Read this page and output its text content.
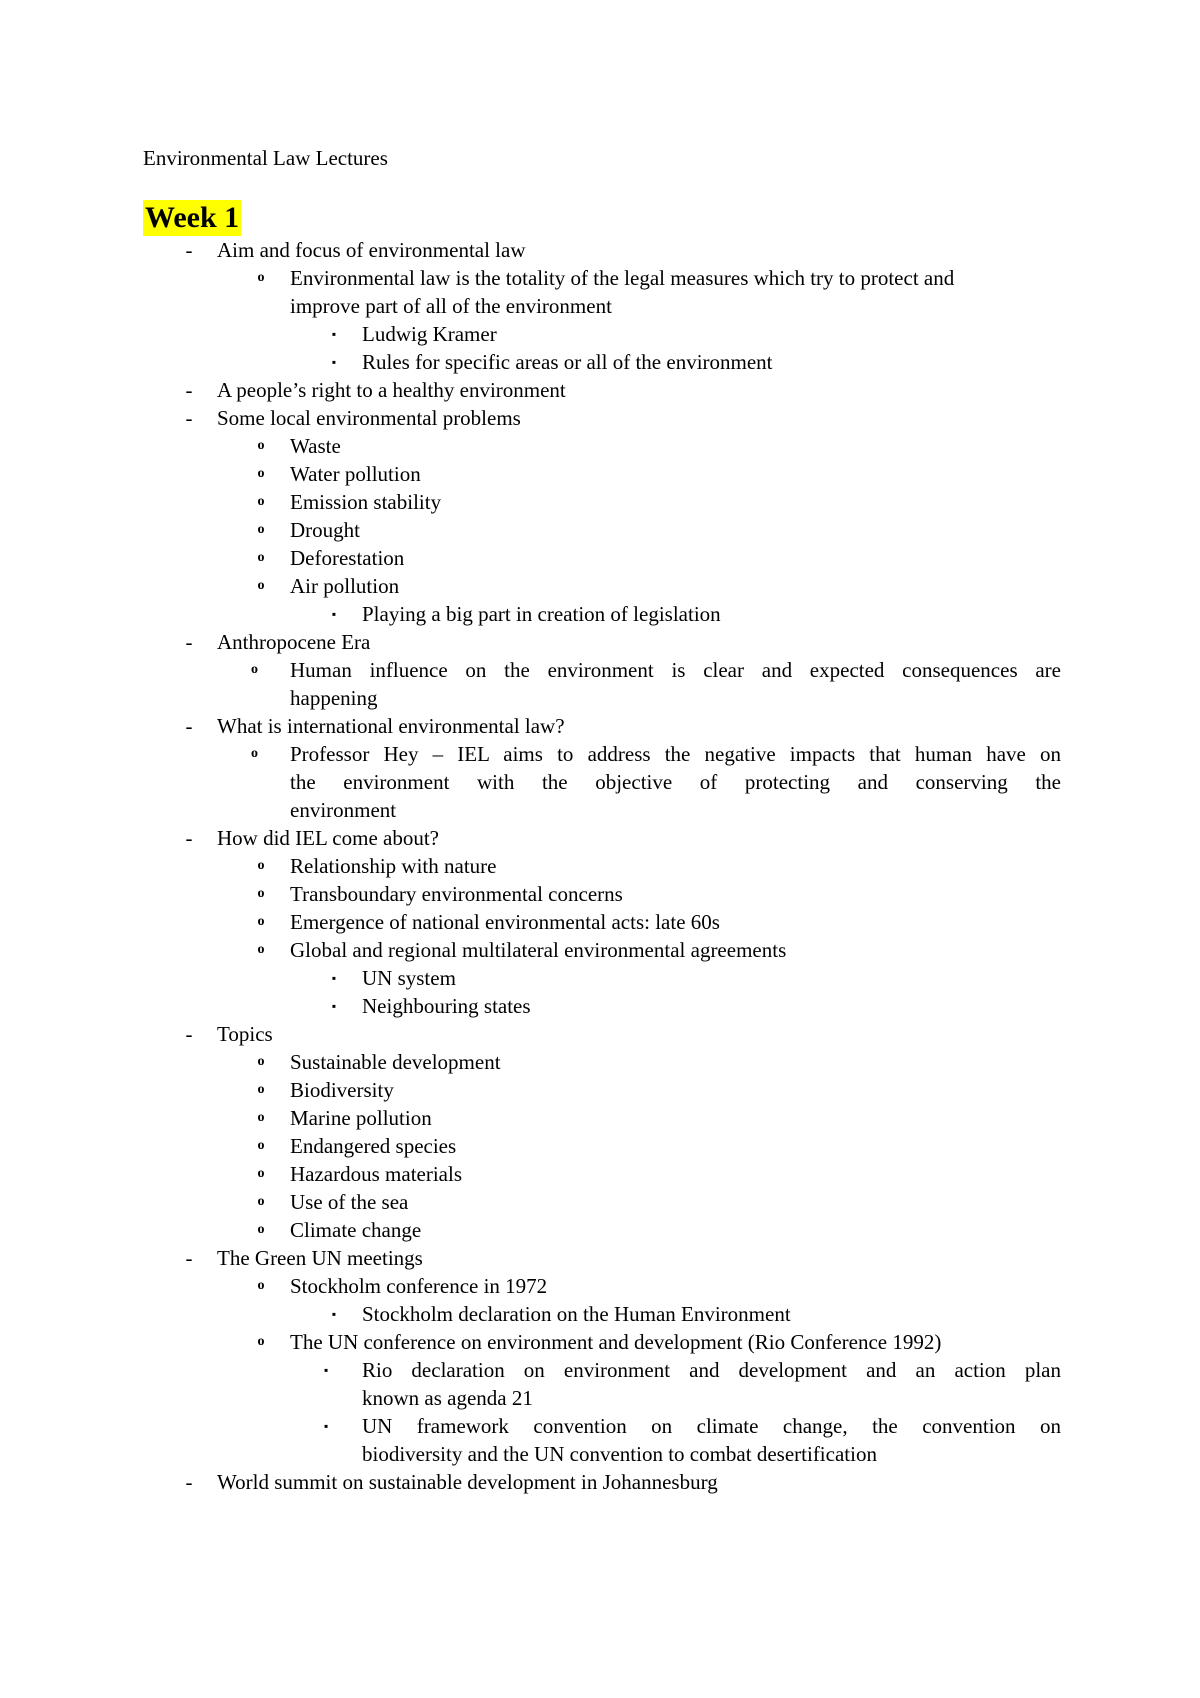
Environmental Law Lectures
Week 1
-	Aim and focus of environmental law
o	Environmental law is the totality of the legal measures which try to protect and
improve part of all of the environment
▪	Ludwig Kramer
▪	Rules for specific areas or all of the environment
-	A people’s right to a healthy environment
-	Some local environmental problems
o	Waste
o	Water pollution
o	Emission stability
o	Drought
o	Deforestation
o	Air pollution
▪	Playing a big part in creation of legislation
-	Anthropocene Era
o	Human influence on the environment is clear and expected consequences are
happening
-	What is international environmental law?
o	Professor Hey – IEL aims to address the negative impacts that human have on
the environment with the objective of protecting and conserving the
environment
-	How did IEL come about?
o	Relationship with nature
o	Transboundary environmental concerns
o	Emergence of national environmental acts: late 60s
o	Global and regional multilateral environmental agreements
▪	UN system
▪	Neighbouring states
-	Topics
o	Sustainable development
o	Biodiversity
o	Marine pollution
o	Endangered species
o	Hazardous materials
o	Use of the sea
o	Climate change
-	The Green UN meetings
o	Stockholm conference in 1972
▪	Stockholm declaration on the Human Environment
o	The UN conference on environment and development (Rio Conference 1992)
▪	Rio declaration on environment and development and an action plan
known as agenda 21
▪	UN framework convention on climate change, the convention on
biodiversity and the UN convention to combat desertification
-	World summit on sustainable development in Johannesburg
